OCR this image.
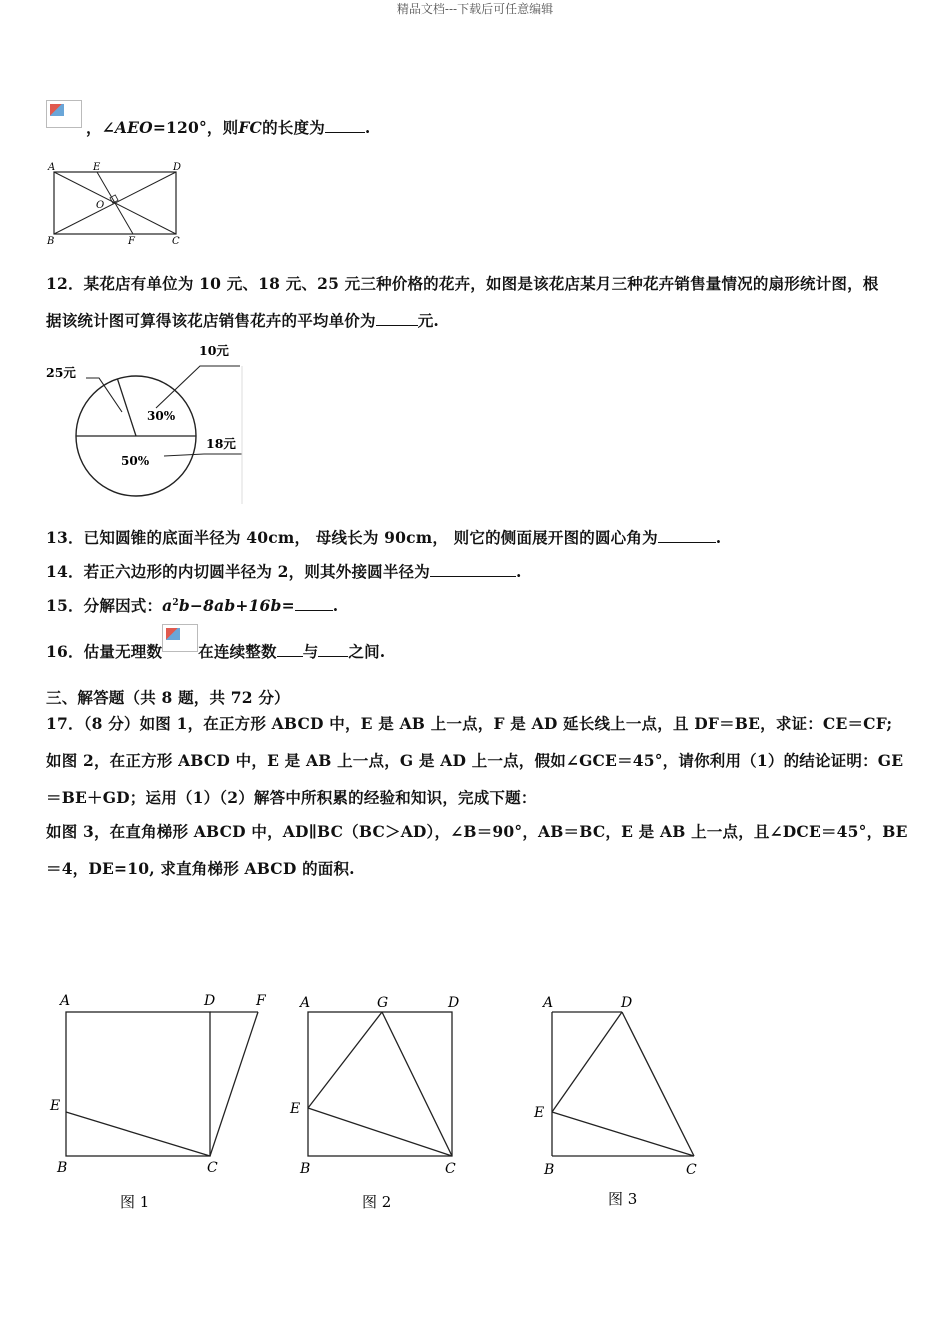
精品文档---下载后可任意编辑
，∠AEO=120°，则FC的长度为	.
A	E	D
O
B	F	C
12．某花店有单位为 10 元、18 元、25 元三种价格的花卉，如图是该花店某月三种花卉销售量情况的扇形统计图，根
据该统计图可算得该花店销售花卉的平均单价为	元.
25元
10元
18元
30%
50%
13．已知圆锥的底面半径为 40cm， 母线长为 90cm， 则它的侧面展开图的圆心角为	.
14．若正六边形的内切圆半径为 2，则其外接圆半径为	.
15．分解因式：$a^2b-8ab+16b=$ .
16．估量无理数 在连续整数 与 之间.
三、解答题（共 8 题，共 72 分）
17．（8 分）如图 1，在正方形 ABCD 中，E 是 AB 上一点，F 是 AD 延长线上一点，且 DF＝BE，求证：CE＝CF;
如图 2，在正方形 ABCD 中，E 是 AB 上一点，G 是 AD 上一点，假如∠GCE＝45°，请你利用（1）的结论证明：GE
＝BE＋GD；运用（1）（2）解答中所积累的经验和知识，完成下题：
如图 3，在直角梯形 ABCD 中，AD∥BC（BC＞AD），∠B＝90°，AB＝BC，E 是 AB 上一点，且∠DCE＝45°，BE
＝4，DE=10, 求直角梯形 ABCD 的面积.
A	D	F
E
B	C
图 1
A	G	D
E
B	C
图 2
A	D
E
B	C
图 3
